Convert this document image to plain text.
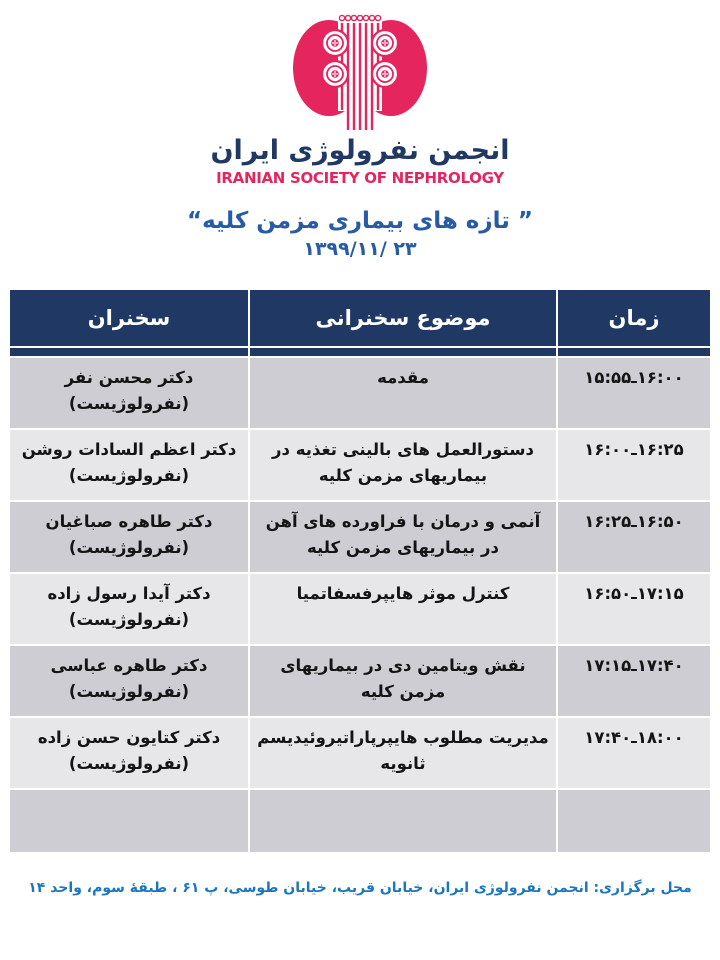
انجمن نفرولوژی ایران
IRANIAN SOCIETY OF NEPHROLOGY
” تازه های بیماری مزمن کلیه“
۱۳۹۹/۱۱/ ۲۳
زمان	موضوع سخنرانی	سخنران

۱۵:۵۵ـ۱۶:۰۰	مقدمه	دکتر محسن نفر
(نفرولوژیست)

۱۶:۰۰ـ۱۶:۲۵	دستورالعمل های بالینی تغذیه در بیماریهای مزمن کلیه	دکتر اعظم السادات روشن
(نفرولوژیست)

۱۶:۲۵ـ۱۶:۵۰	آنمی و درمان با فراورده های آهن در بیماریهای مزمن کلیه	دکتر طاهره صباغیان
(نفرولوژیست)

۱۶:۵۰ـ۱۷:۱۵	کنترل موثر هایپرفسفاتمیا	دکتر آیدا رسول زاده
(نفرولوژیست)

۱۷:۱۵ـ۱۷:۴۰	نقش ویتامین دی در بیماریهای مزمن کلیه	دکتر طاهره عباسی
(نفرولوژیست)

۱۷:۴۰ـ۱۸:۰۰	مدیریت مطلوب هایپرپاراتیروئیدیسم ثانویه	دکتر کتایون حسن زاده
(نفرولوژیست)

محل برگزاری: انجمن نفرولوژی ایران، خیابان قریب، خیابان طوسی، پ ۶۱ ، طبقهٔ سوم، واحد ۱۴
